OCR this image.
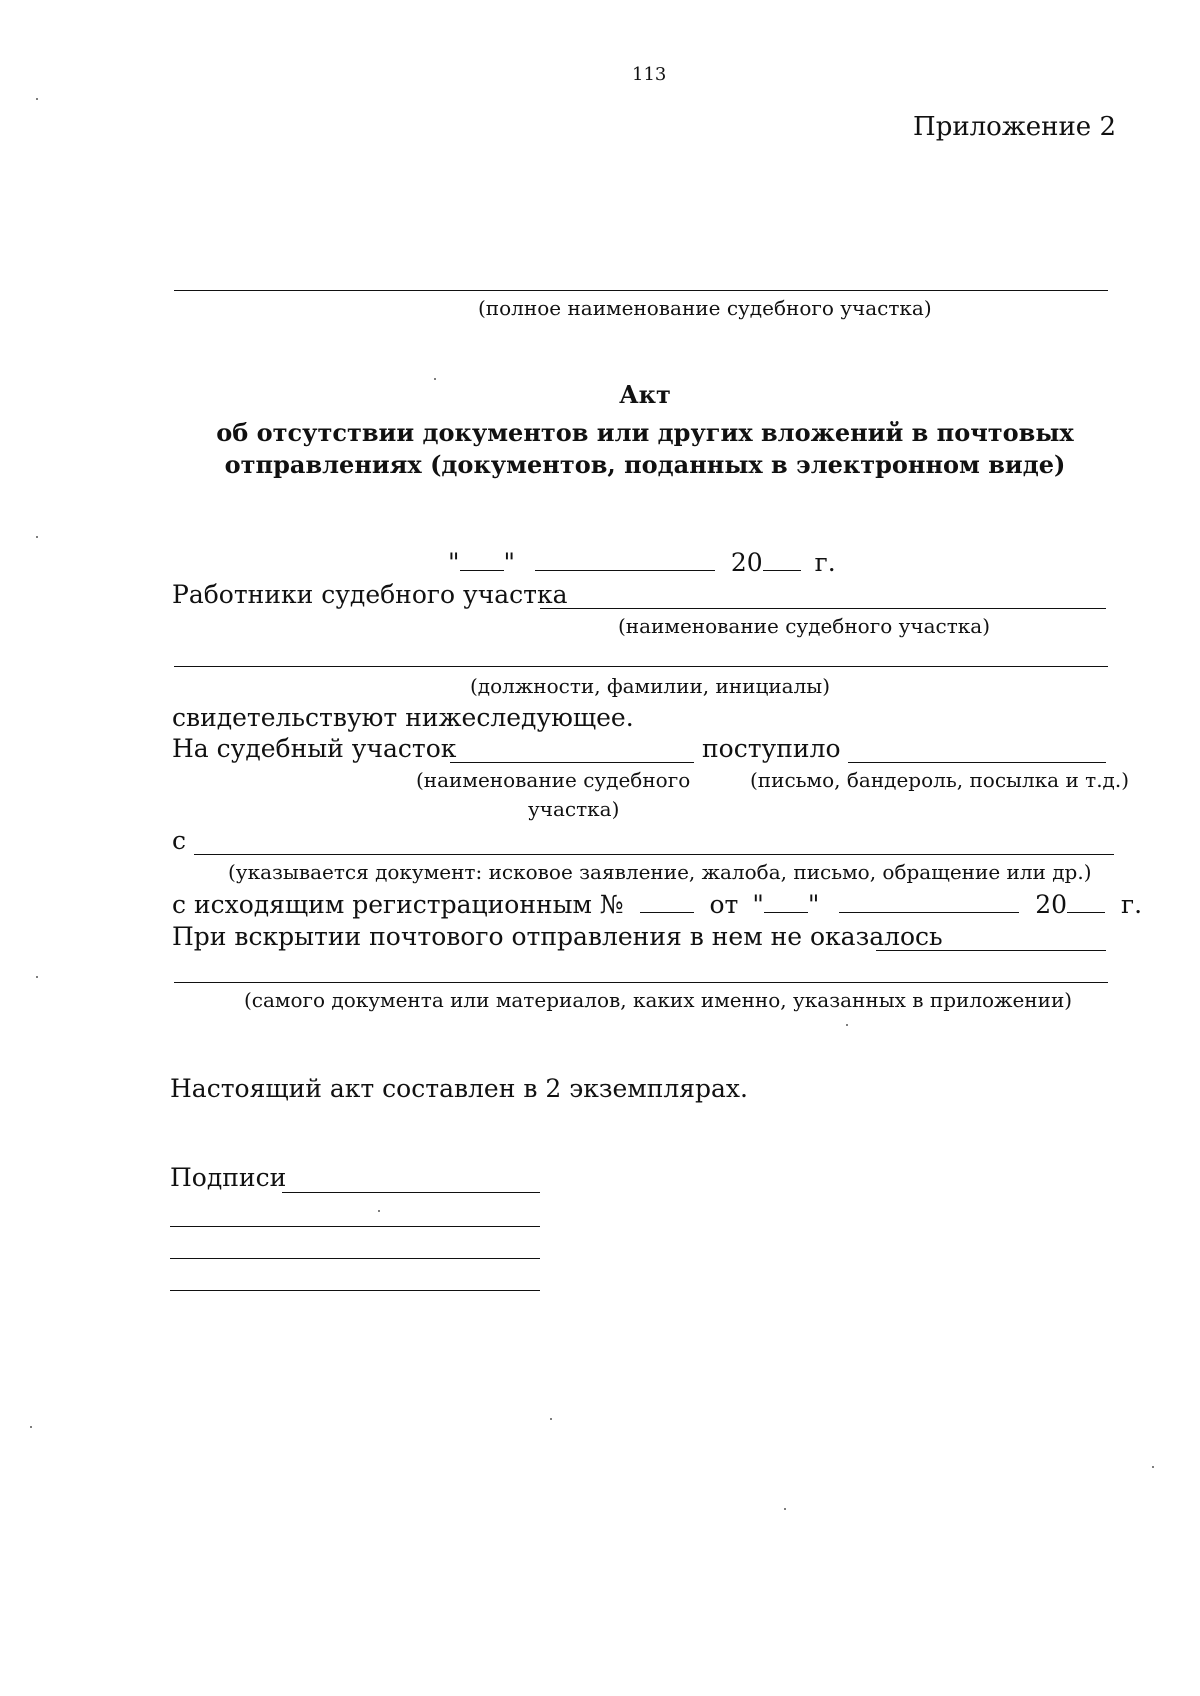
113
Приложение 2
(полное наименование судебного участка)
Акт
об отсутствии документов или других вложений в почтовых
отправлениях (документов, поданных в электронном виде)
" "	20 г.
Работники судебного участка
(наименование судебного участка)
(должности, фамилии, инициалы)
свидетельствуют нижеследующее.
На судебный участок	поступило
(наименование судебного	(письмо, бандероль, посылка и т.д.)
участка)
с
(указывается документ: исковое заявление, жалоба, письмо, обращение или др.)
с исходящим регистрационным №	от " "	20 г.
При вскрытии почтового отправления в нем не оказалось
(самого документа или материалов, каких именно, указанных в приложении)
Настоящий акт составлен в 2 экземплярах.
Подписи
